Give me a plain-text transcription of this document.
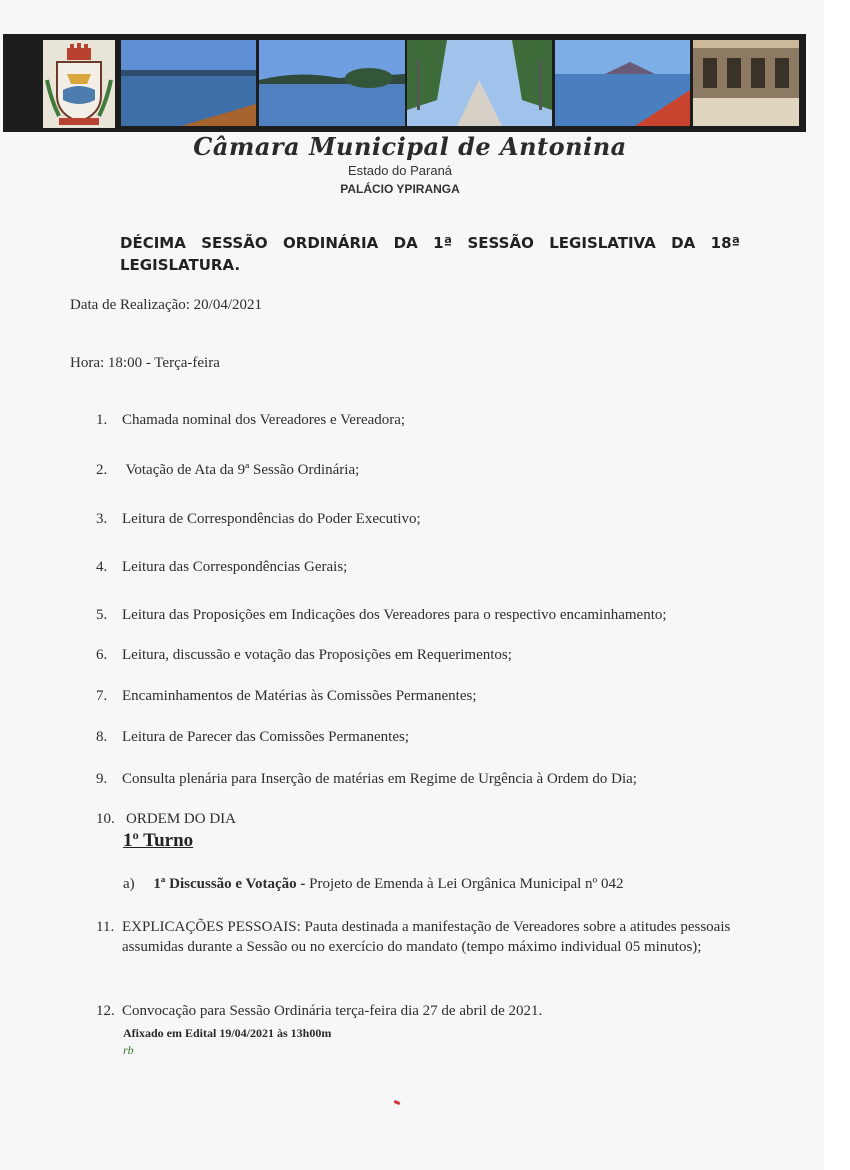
Câmara Municipal de Antonina
Estado do Paraná
PALÁCIO YPIRANGA
DÉCIMA SESSÃO ORDINÁRIA DA 1ª SESSÃO LEGISLATIVA DA 18ª LEGISLATURA.
Data de Realização: 20/04/2021
Hora: 18:00 - Terça-feira
1. Chamada nominal dos Vereadores e Vereadora;
2. Votação de Ata da 9ª Sessão Ordinária;
3. Leitura de Correspondências do Poder Executivo;
4. Leitura das Correspondências Gerais;
5. Leitura das Proposições em Indicações dos Vereadores para o respectivo encaminhamento;
6. Leitura, discussão e votação das Proposições em Requerimentos;
7. Encaminhamentos de Matérias às Comissões Permanentes;
8. Leitura de Parecer das Comissões Permanentes;
9. Consulta plenária para Inserção de matérias em Regime de Urgência à Ordem do Dia;
10. ORDEM DO DIA
11. EXPLICAÇÕES PESSOAIS: Pauta destinada a manifestação de Vereadores sobre a atitudes pessoais assumidas durante a Sessão ou no exercício do mandato (tempo máximo individual 05 minutos);
12. Convocação para Sessão Ordinária terça-feira dia 27 de abril de 2021.
1º Turno
a) 1ª Discussão e Votação - Projeto de Emenda à Lei Orgânica Municipal nº 042
Afixado em Edital 19/04/2021 às 13h00m
rb
